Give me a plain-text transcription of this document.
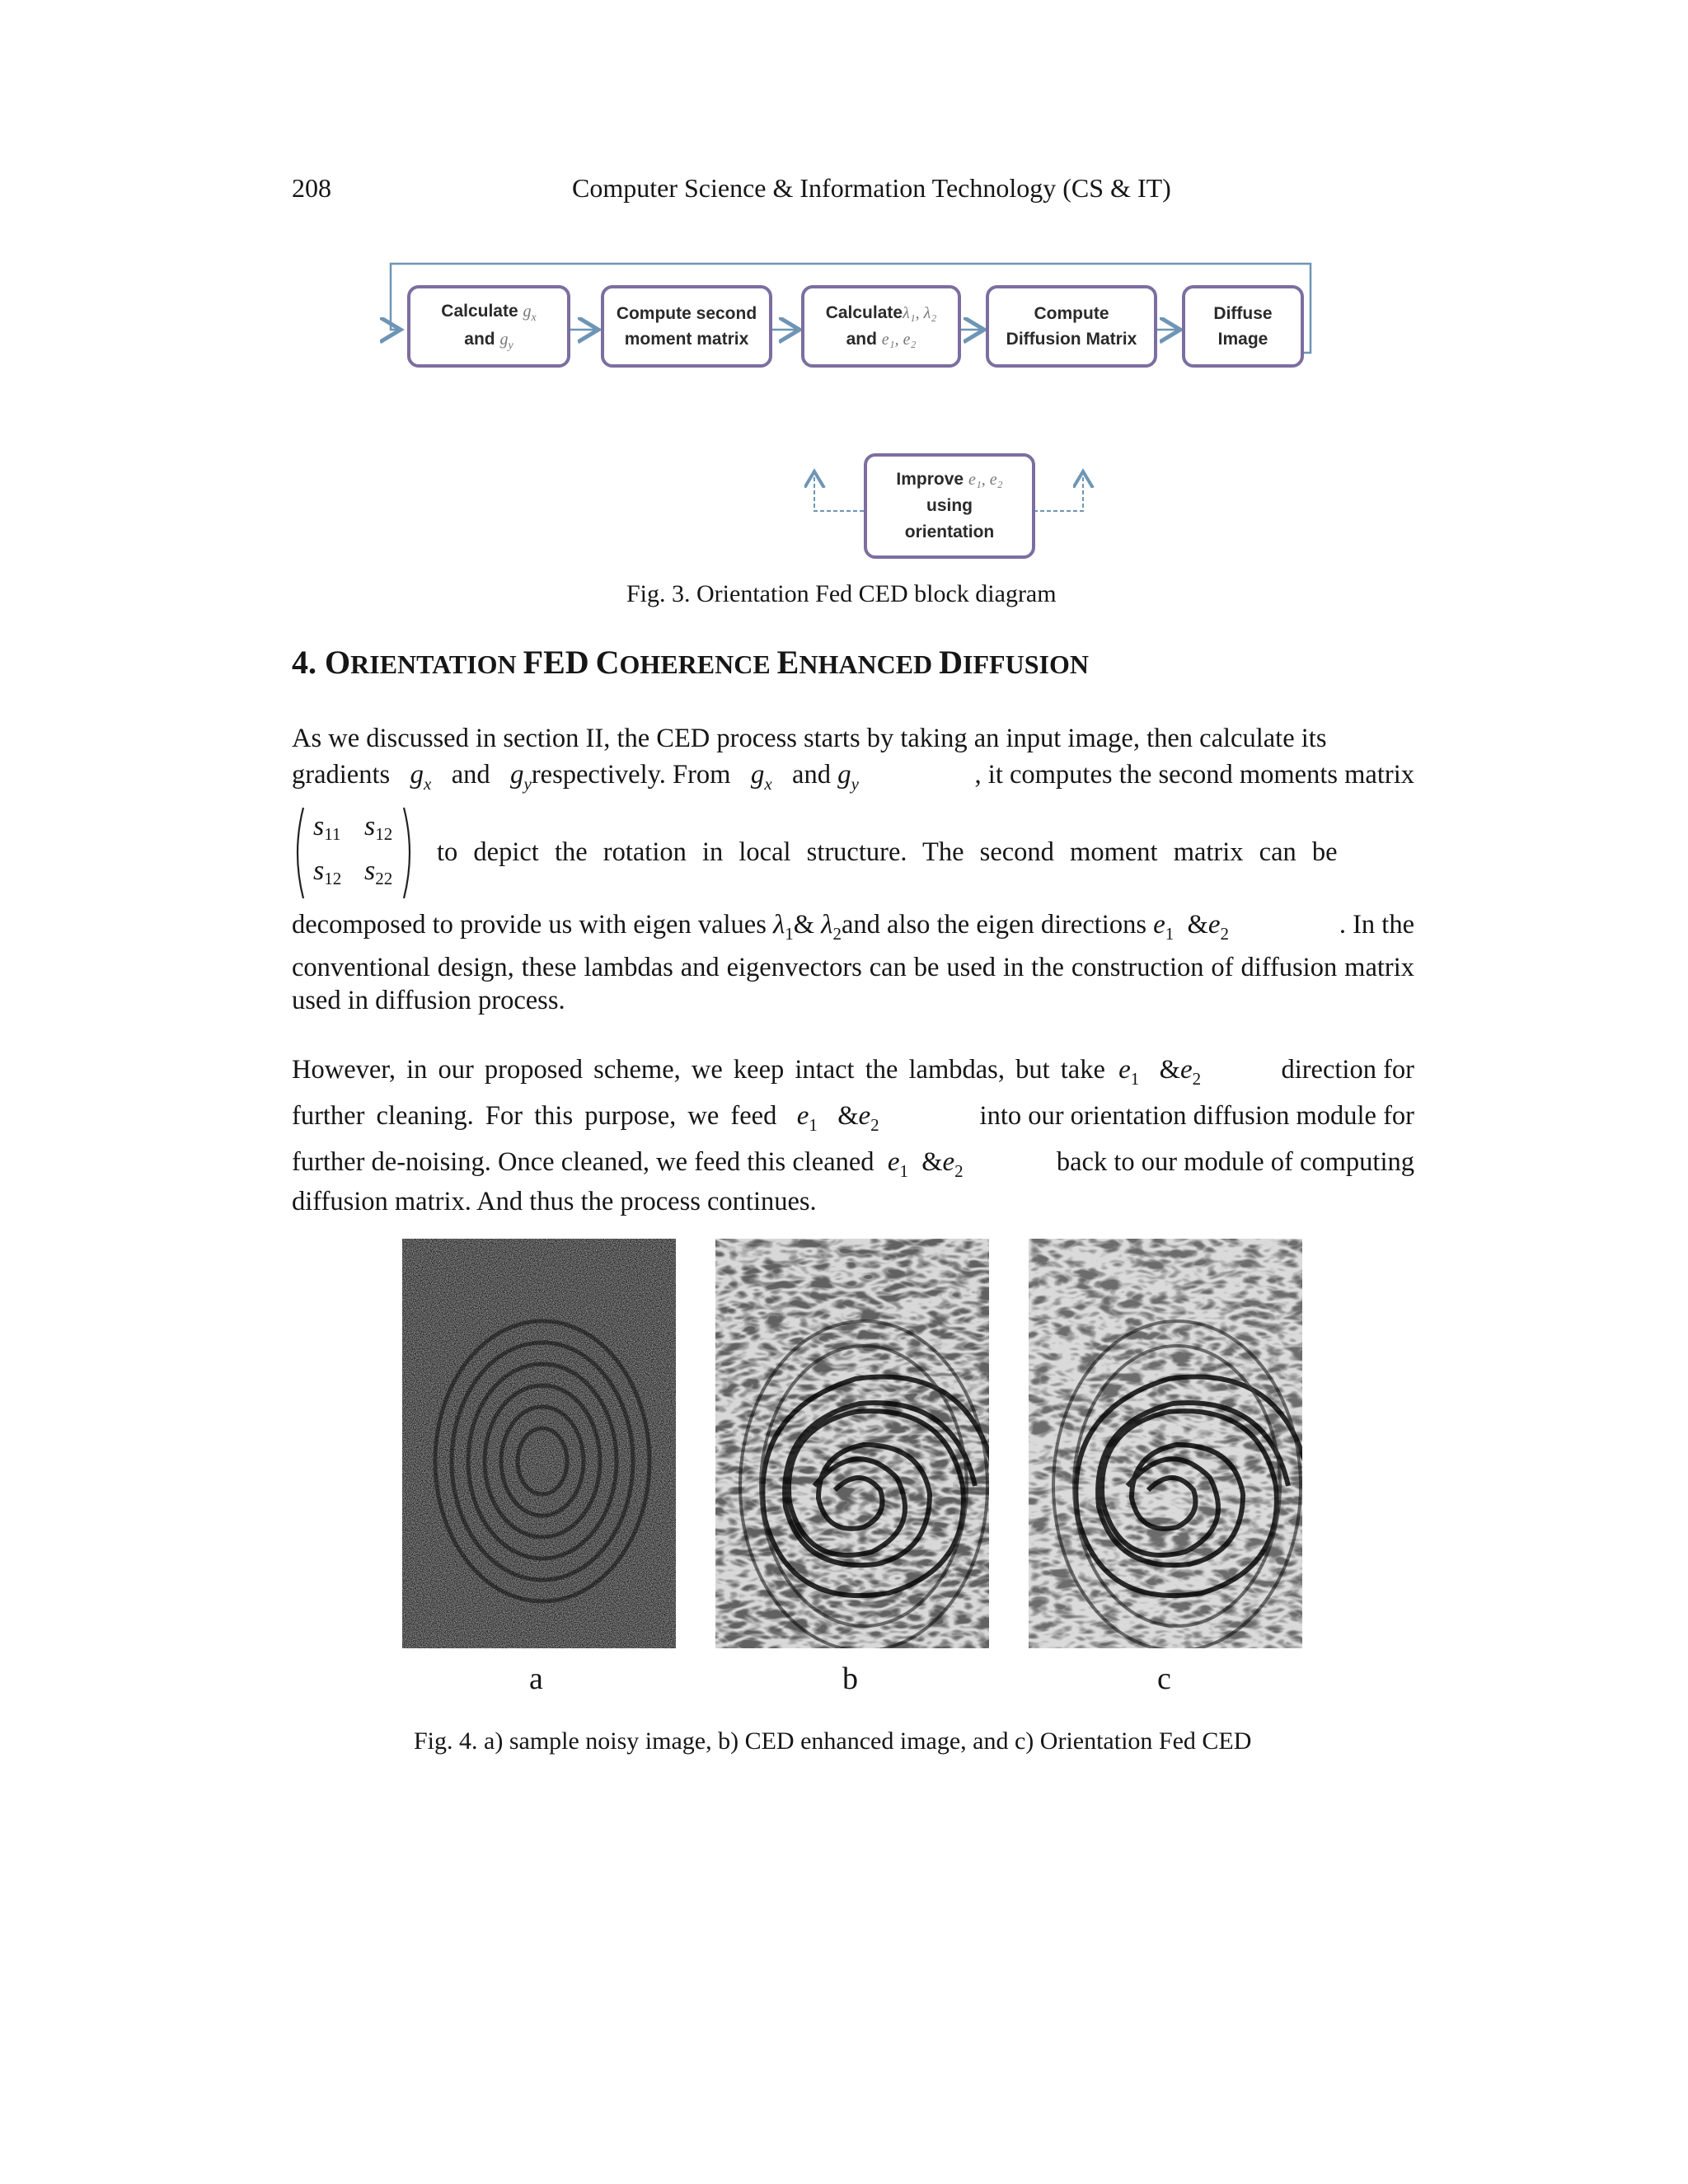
208	Computer Science & Information Technology (CS & IT)
Calculate $g_x$
and $g_y$
Compute second
moment matrix
Calculateλ₁, λ₂
and e₁, e₂
Compute
Diffusion Matrix
Diffuse
Image
Improve e₁, e₂
using
orientation
Fig. 3. Orientation Fed CED block diagram
4. ORIENTATION FED COHERENCE ENHANCED DIFFUSION
As we discussed in section II, the CED process starts by taking an input image, then calculate its
gradients
g x
and
g y respectively. From
g x
and
g y	, it computes the second moments matrix
s11 s12
s12 s22
to depict the rotation in local structure. The second moment matrix can be
decomposed to provide us with eigen values
λ 1 &
λ 2 and also the eigen directions
e 1
& e 2	. In the
conventional design, these lambdas and eigenvectors can be used in the construction of diffusion matrix used in diffusion process.
However, in our proposed scheme, we keep intact the lambdas, but take
e 1
& e 2	direction for
further cleaning. For this purpose, we feed
e 1
& e 2	into our orientation diffusion module for
further de-noising. Once cleaned, we feed this cleaned
e 1
& e 2	back to our module of computing
diffusion matrix. And thus the process continues.
a	b	c
Fig. 4. a) sample noisy image, b) CED enhanced image, and c) Orientation Fed CED
